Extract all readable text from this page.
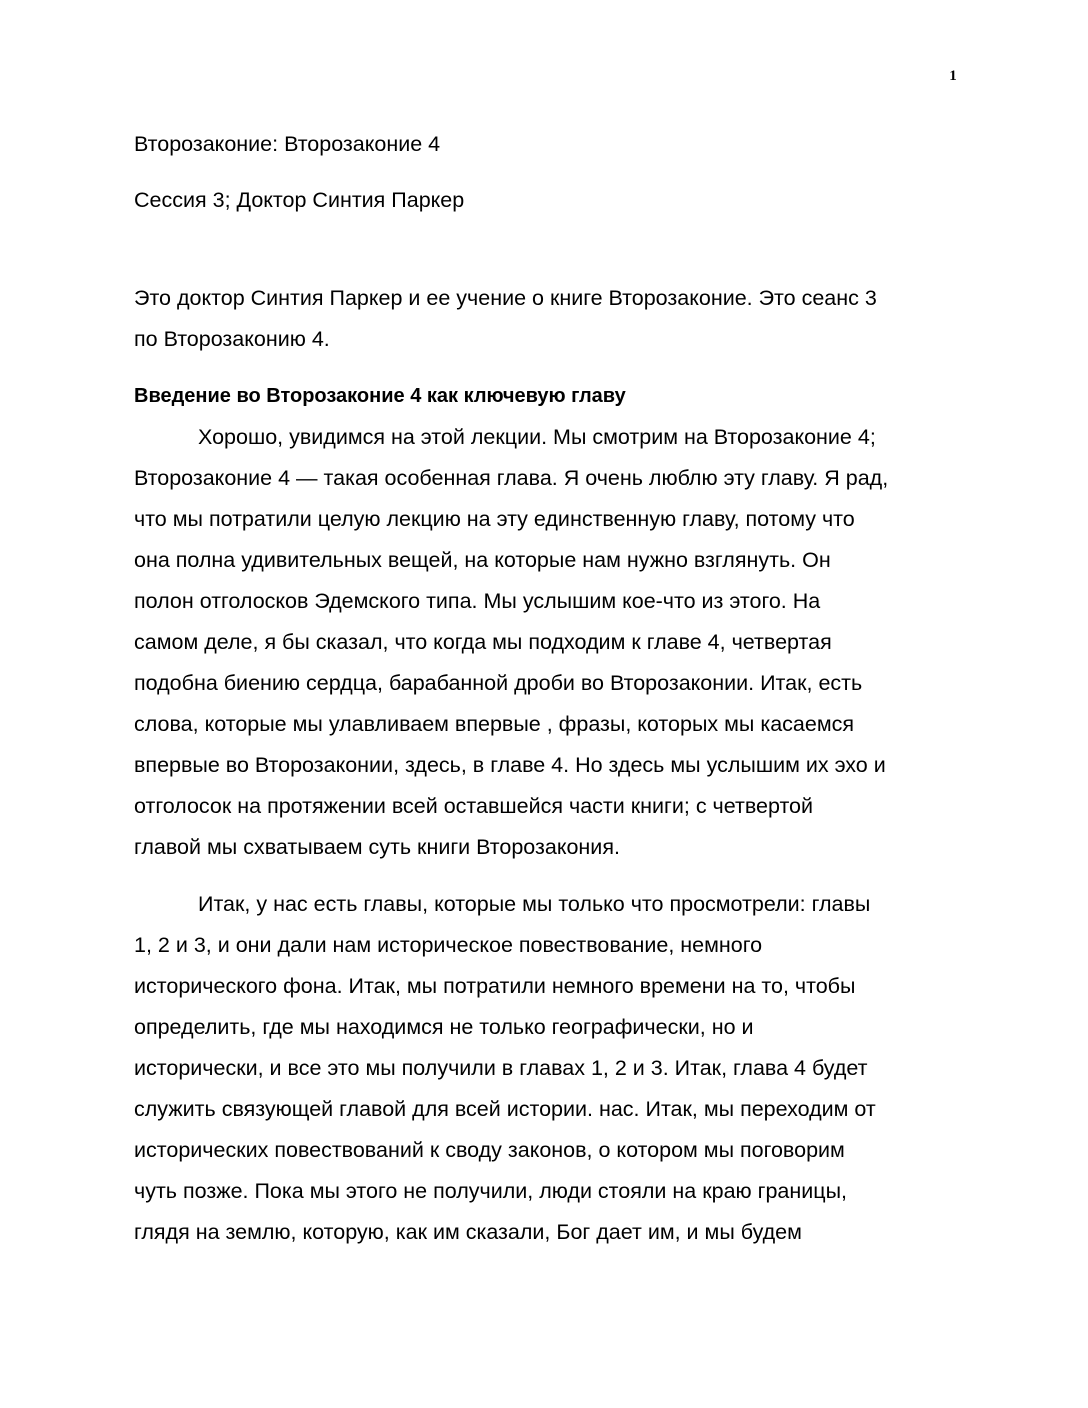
1
Второзаконие: Второзаконие 4
Сессия 3; Доктор Синтия Паркер
Это доктор Синтия Паркер и ее учение о книге Второзаконие. Это сеанс 3
по Второзаконию 4.
Введение во Второзаконие 4 как ключевую главу
Хорошо, увидимся на этой лекции. Мы смотрим на Второзаконие 4;
Второзаконие 4 — такая особенная глава. Я очень люблю эту главу. Я рад,
что мы потратили целую лекцию на эту единственную главу, потому что
она полна удивительных вещей, на которые нам нужно взглянуть. Он
полон отголосков Эдемского типа. Мы услышим кое-что из этого. На
самом деле, я бы сказал, что когда мы подходим к главе 4, четвертая
подобна биению сердца, барабанной дроби во Второзаконии. Итак, есть
слова, которые мы улавливаем впервые , фразы, которых мы касаемся
впервые во Второзаконии, здесь, в главе 4. Но здесь мы услышим их эхо и
отголосок на протяжении всей оставшейся части книги; с четвертой
главой мы схватываем суть книги Второзакония.
Итак, у нас есть главы, которые мы только что просмотрели: главы
1, 2 и 3, и они дали нам историческое повествование, немного
исторического фона. Итак, мы потратили немного времени на то, чтобы
определить, где мы находимся не только географически, но и
исторически, и все это мы получили в главах 1, 2 и 3. Итак, глава 4 будет
служить связующей главой для всей истории. нас. Итак, мы переходим от
исторических повествований к своду законов, о котором мы поговорим
чуть позже. Пока мы этого не получили, люди стояли на краю границы,
глядя на землю, которую, как им сказали, Бог дает им, и мы будем
